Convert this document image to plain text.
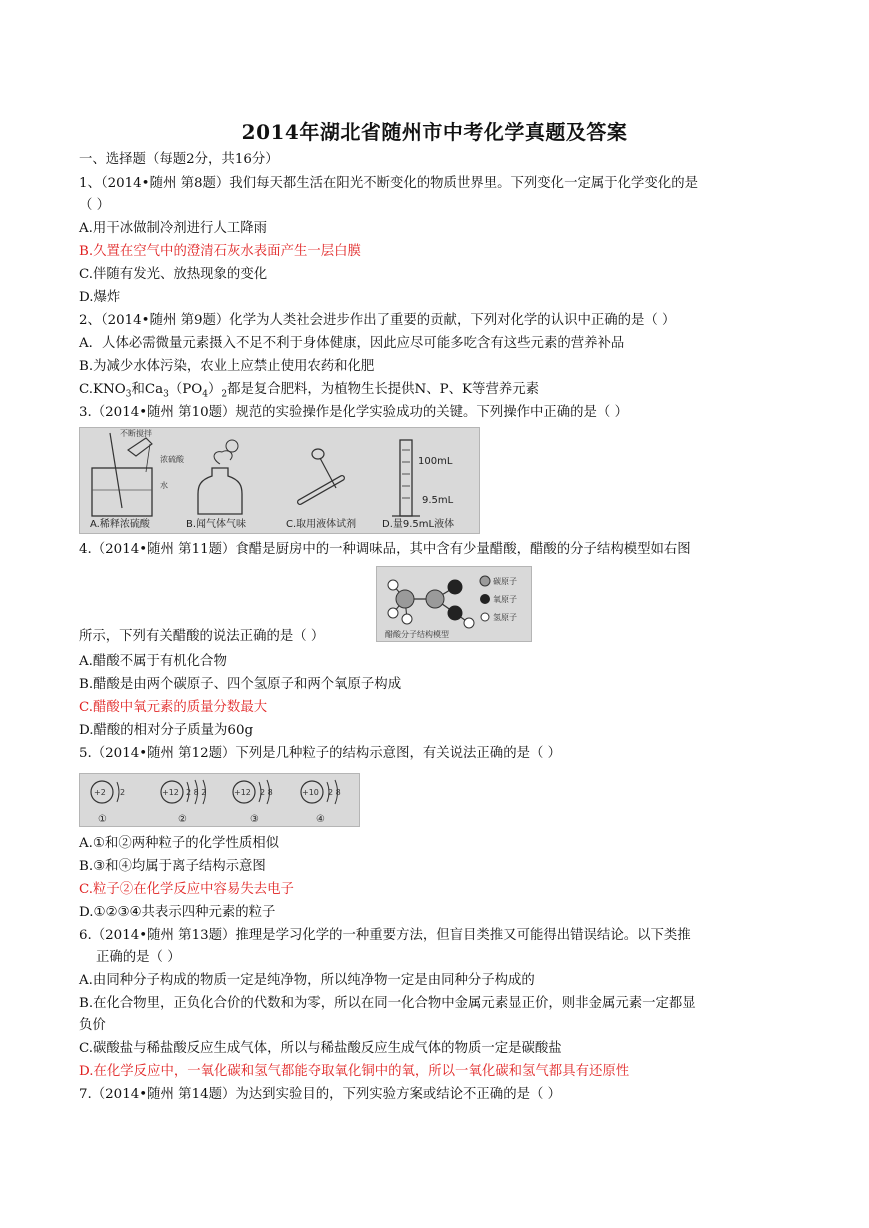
2014年湖北省随州市中考化学真题及答案
一、选择题（每题2分，共16分）
1、（2014•随州 第8题）我们每天都生活在阳光不断变化的物质世界里。下列变化一定属于化学变化的是
（ ）
A.用干冰做制冷剂进行人工降雨
B.久置在空气中的澄清石灰水表面产生一层白膜
C.伴随有发光、放热现象的变化
D.爆炸
2、（2014•随州 第9题）化学为人类社会进步作出了重要的贡献，下列对化学的认识中正确的是（ ）
A．人体必需微量元素摄入不足不利于身体健康，因此应尽可能多吃含有这些元素的营养补品
B.为减少水体污染，农业上应禁止使用农药和化肥
$C.KNO_3$和$Ca_3(PO_4)_2$都是复合肥料，为植物生长提供N、P、K等营养元素
3.（2014•随州 第10题）规范的实验操作是化学实验成功的关键。下列操作中正确的是（ ）
不断搅拌
浓硫酸
水
A.稀释浓硫酸	B.闻气体气味	C.取用液体试剂
100mL
9.5mL
D.量9.5mL液体
4.（2014•随州 第11题）食醋是厨房中的一种调味品，其中含有少量醋酸，醋酸的分子结构模型如右图
碳原子
氧原子
氢原子
醋酸分子结构模型
所示，下列有关醋酸的说法正确的是（ ）
A.醋酸不属于有机化合物
B.醋酸是由两个碳原子、四个氢原子和两个氧原子构成
C.醋酸中氧元素的质量分数最大
D.醋酸的相对分子质量为60g
5.（2014•随州 第12题）下列是几种粒子的结构示意图，有关说法正确的是（ ）
+2 2
①
+12 2 8 2
②
+12 2 8
③
+10 2 8
④
A.①和②两种粒子的化学性质相似
B.③和④均属于离子结构示意图
C.粒子②在化学反应中容易失去电子
D.①②③④共表示四种元素的粒子
6.（2014•随州 第13题）推理是学习化学的一种重要方法，但盲目类推又可能得出错误结论。以下类推
正确的是（ ）
A.由同种分子构成的物质一定是纯净物，所以纯净物一定是由同种分子构成的
B.在化合物里，正负化合价的代数和为零，所以在同一化合物中金属元素显正价，则非金属元素一定都显
负价
C.碳酸盐与稀盐酸反应生成气体，所以与稀盐酸反应生成气体的物质一定是碳酸盐
D.在化学反应中，一氧化碳和氢气都能夺取氧化铜中的氧，所以一氧化碳和氢气都具有还原性
7.（2014•随州 第14题）为达到实验目的，下列实验方案或结论不正确的是（ ）
